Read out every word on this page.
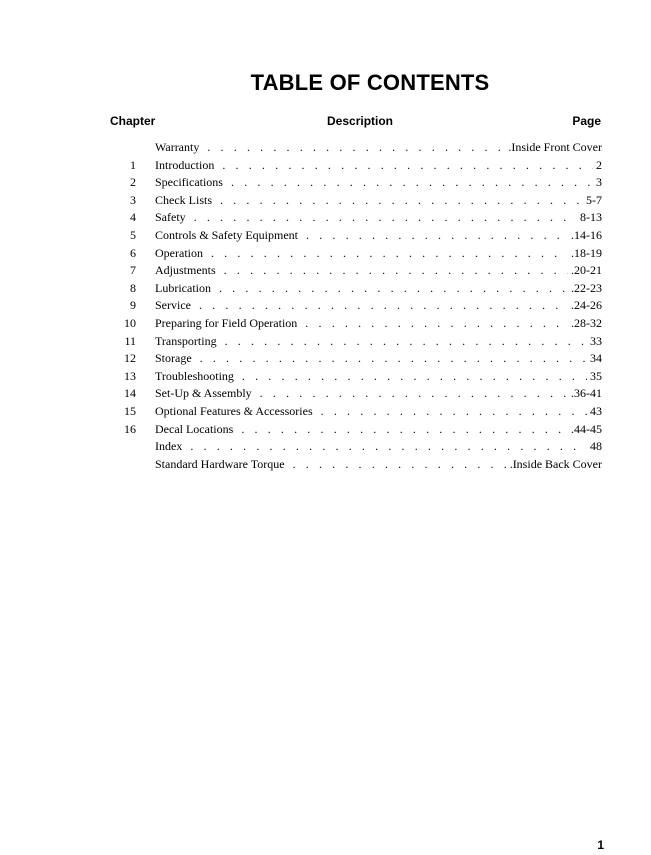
TABLE OF CONTENTS
Chapter	Description	Page
Warranty . . .	.Inside Front Cover
1 Introduction . . .	2
2 Specifications . . .	3
3 Check Lists . . .	5-7
4 Safety . . .	8-13
5 Controls & Safety Equipment . . .	.14-16
6 Operation . . .	.18-19
7 Adjustments . . .	.20-21
8 Lubrication . . .	.22-23
9 Service . . .	.24-26
10 Preparing for Field Operation . . .	.28-32
11 Transporting . . .	33
12 Storage . . .	34
13 Troubleshooting . . .	35
14 Set-Up & Assembly . . .	.36-41
15 Optional Features & Accessories . . .	43
16 Decal Locations . . .	.44-45
Index . . .	48
Standard Hardware Torque . . .	.Inside Back Cover
1
